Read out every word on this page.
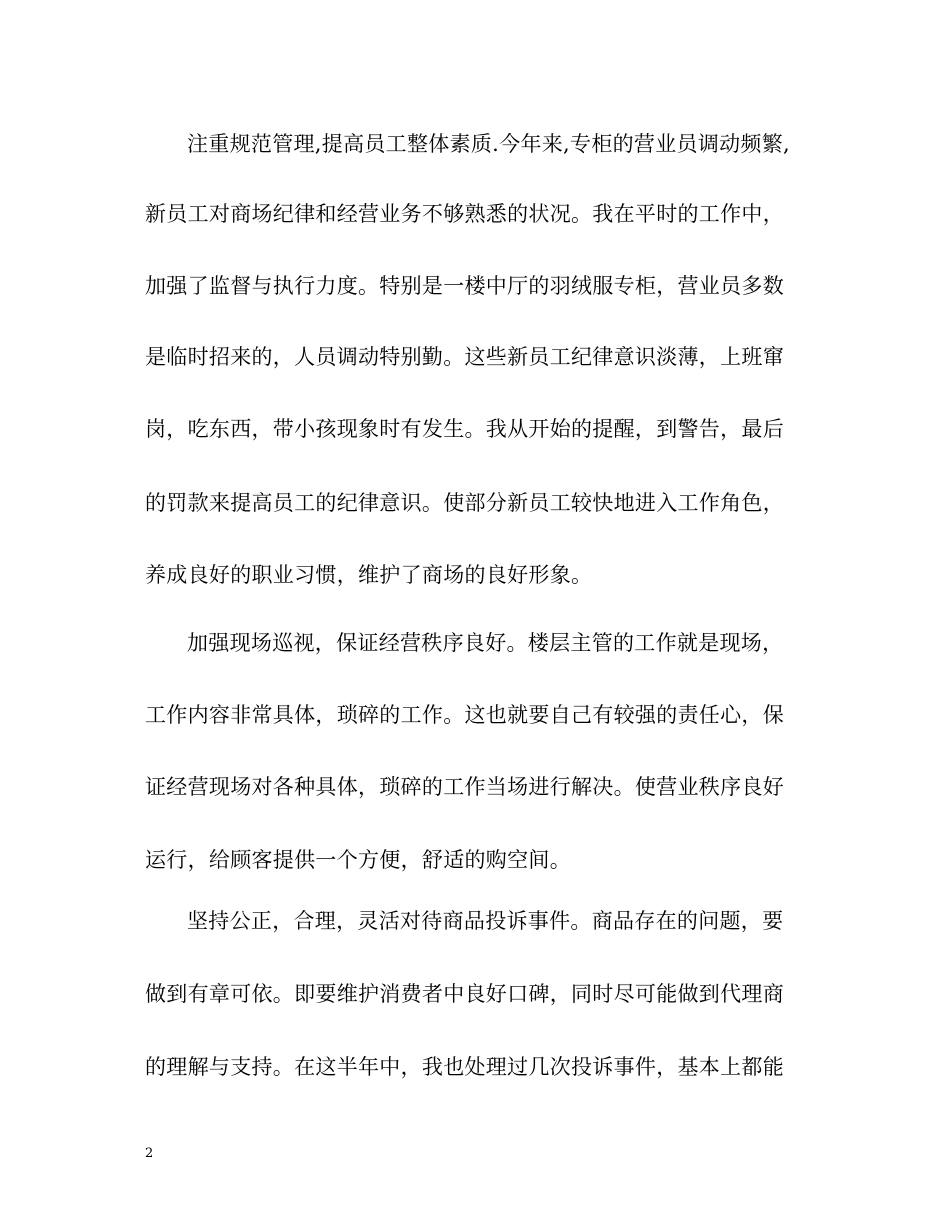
注重规范管理,提高员工整体素质.今年来,专柜的营业员调动频繁,
新员工对商场纪律和经营业务不够熟悉的状况。我在平时的工作中，
加强了监督与执行力度。特别是一楼中厅的羽绒服专柜，营业员多数
是临时招来的，人员调动特别勤。这些新员工纪律意识淡薄，上班窜
岗，吃东西，带小孩现象时有发生。我从开始的提醒，到警告，最后
的罚款来提高员工的纪律意识。使部分新员工较快地进入工作角色，
养成良好的职业习惯，维护了商场的良好形象。
加强现场巡视，保证经营秩序良好。楼层主管的工作就是现场，
工作内容非常具体，琐碎的工作。这也就要自己有较强的责任心，保
证经营现场对各种具体，琐碎的工作当场进行解决。使营业秩序良好
运行，给顾客提供一个方便，舒适的购空间。
坚持公正，合理，灵活对待商品投诉事件。商品存在的问题，要
做到有章可依。即要维护消费者中良好口碑，同时尽可能做到代理商
的理解与支持。在这半年中，我也处理过几次投诉事件，基本上都能
2
